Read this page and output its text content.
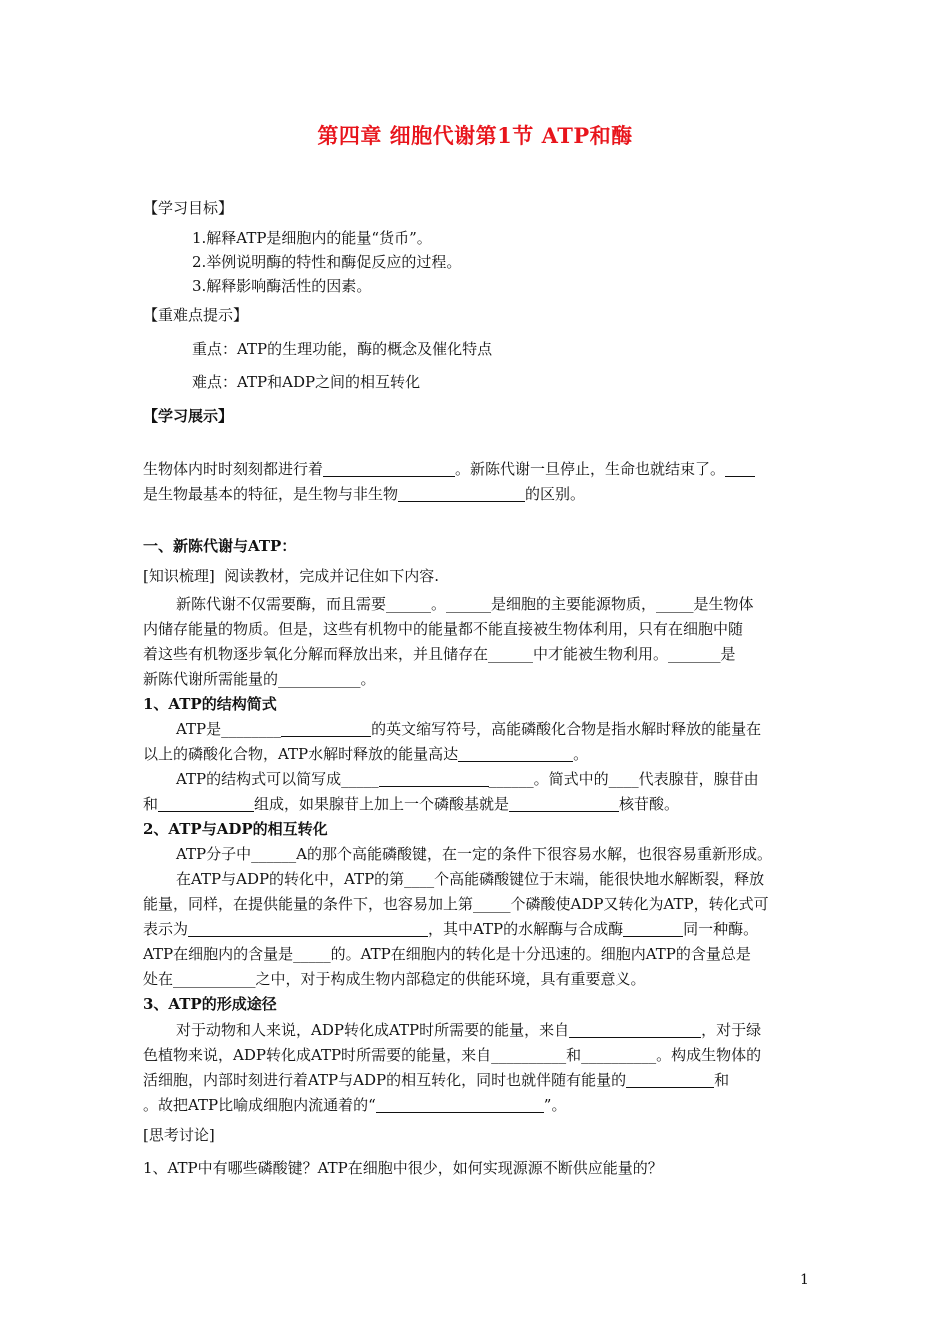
第四章 细胞代谢第1节 ATP和酶
【学习目标】
1.解释ATP是细胞内的能量“货币”。
2.举例说明酶的特性和酶促反应的过程。
3.解释影响酶活性的因素。
【重难点提示】
重点：ATP的生理功能，酶的概念及催化特点
难点：ATP和ADP之间的相互转化
【学习展示】
生物体内时时刻刻都进行着	。新陈代谢一旦停止，生命也就结束了。
是生物最基本的特征，是生物与非生物	的区别。
一、新陈代谢与ATP：
[知识梳理] 阅读教材，完成并记住如下内容.
新陈代谢不仅需要酶，而且需要______。______是细胞的主要能源物质，_____是生物体
内储存能量的物质。但是，这些有机物中的能量都不能直接被生物体利用，只有在细胞中随
着这些有机物逐步氧化分解而释放出来，并且储存在______中才能被生物利用。_______是
新陈代谢所需能量的___________。
1、ATP的结构简式
ATP是________	的英文缩写符号，高能磷酸化合物是指水解时释放的能量在
以上的磷酸化合物，ATP水解时释放的能量高达	。
ATP的结构式可以简写成_____	______。简式中的____代表腺苷，腺苷由
和	组成，如果腺苷上加上一个磷酸基就是	核苷酸。
2、ATP与ADP的相互转化
ATP分子中______A的那个高能磷酸键，在一定的条件下很容易水解，也很容易重新形成。
在ATP与ADP的转化中，ATP的第____个高能磷酸键位于末端，能很快地水解断裂，释放
能量，同样，在提供能量的条件下，也容易加上第_____个磷酸使ADP又转化为ATP，转化式可
表示为	，其中ATP的水解酶与合成酶	同一种酶。
ATP在细胞内的含量是_____的。ATP在细胞内的转化是十分迅速的。细胞内ATP的含量总是
处在___________之中，对于构成生物内部稳定的供能环境，具有重要意义。
3、ATP的形成途径
对于动物和人来说，ADP转化成ATP时所需要的能量，来自	，对于绿
色植物来说，ADP转化成ATP时所需要的能量，来自__________和__________。构成生物体的
活细胞，内部时刻进行着ATP与ADP的相互转化，同时也就伴随有能量的	和
。故把ATP比喻成细胞内流通着的“	”。
[思考讨论]
1、ATP中有哪些磷酸键？ATP在细胞中很少，如何实现源源不断供应能量的？
1
